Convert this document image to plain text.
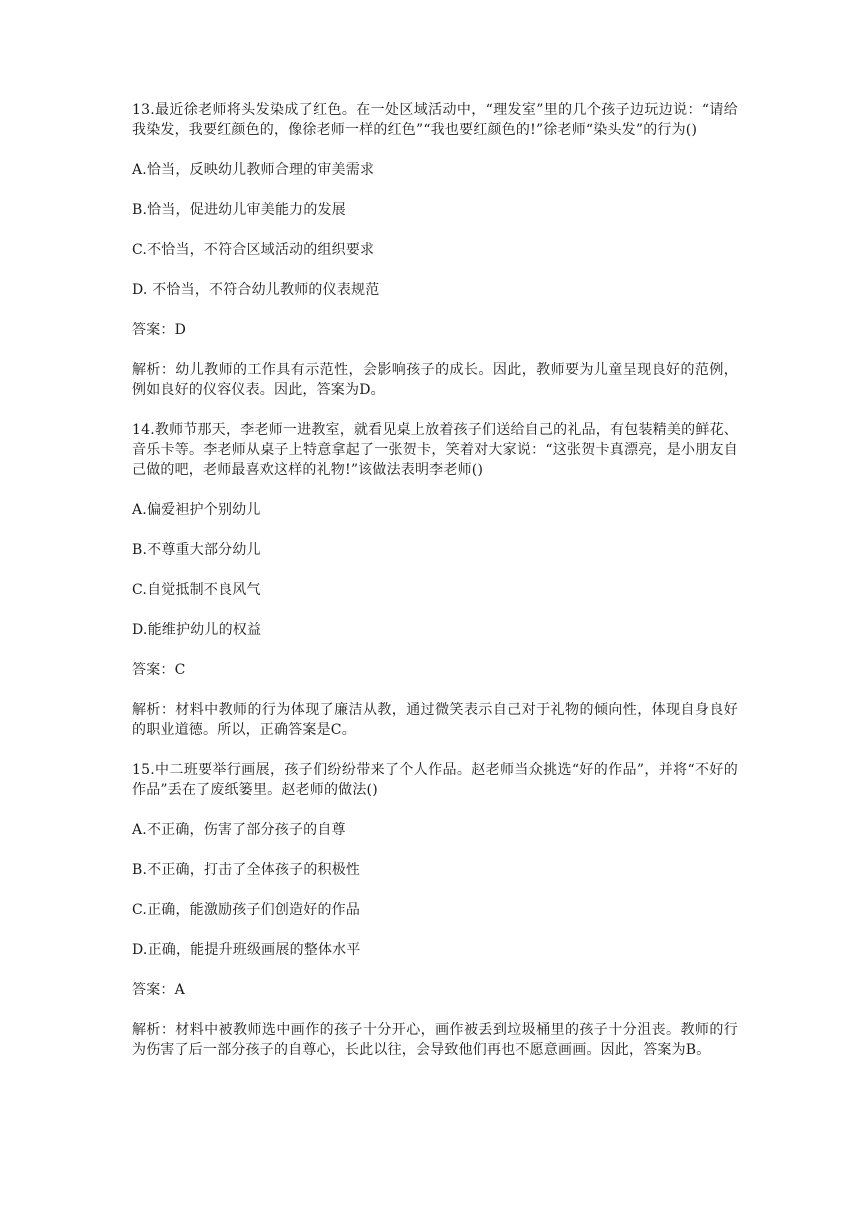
13.最近徐老师将头发染成了红色。在一处区域活动中，“理发室”里的几个孩子边玩边说：“请给我染发，我要红颜色的，像徐老师一样的红色”“我也要红颜色的!”徐老师“染头发”的行为()

A.恰当，反映幼儿教师合理的审美需求

B.恰当，促进幼儿审美能力的发展

C.不恰当，不符合区域活动的组织要求

D. 不恰当，不符合幼儿教师的仪表规范

答案：D

解析：幼儿教师的工作具有示范性，会影响孩子的成长。因此，教师要为儿童呈现良好的范例，例如良好的仪容仪表。因此，答案为D。

14.教师节那天，李老师一进教室，就看见桌上放着孩子们送给自己的礼品，有包装精美的鲜花、音乐卡等。李老师从桌子上特意拿起了一张贺卡，笑着对大家说：“这张贺卡真漂亮，是小朋友自己做的吧，老师最喜欢这样的礼物!”该做法表明李老师()

A.偏爱袒护个别幼儿

B.不尊重大部分幼儿

C.自觉抵制不良风气

D.能维护幼儿的权益

答案：C

解析：材料中教师的行为体现了廉洁从教，通过微笑表示自己对于礼物的倾向性，体现自身良好的职业道德。所以，正确答案是C。

15.中二班要举行画展，孩子们纷纷带来了个人作品。赵老师当众挑选“好的作品”，并将“不好的作品”丢在了废纸篓里。赵老师的做法()

A.不正确，伤害了部分孩子的自尊

B.不正确，打击了全体孩子的积极性

C.正确，能激励孩子们创造好的作品

D.正确，能提升班级画展的整体水平

答案：A

解析：材料中被教师选中画作的孩子十分开心，画作被丢到垃圾桶里的孩子十分沮丧。教师的行为伤害了后一部分孩子的自尊心，长此以往，会导致他们再也不愿意画画。因此，答案为B。
